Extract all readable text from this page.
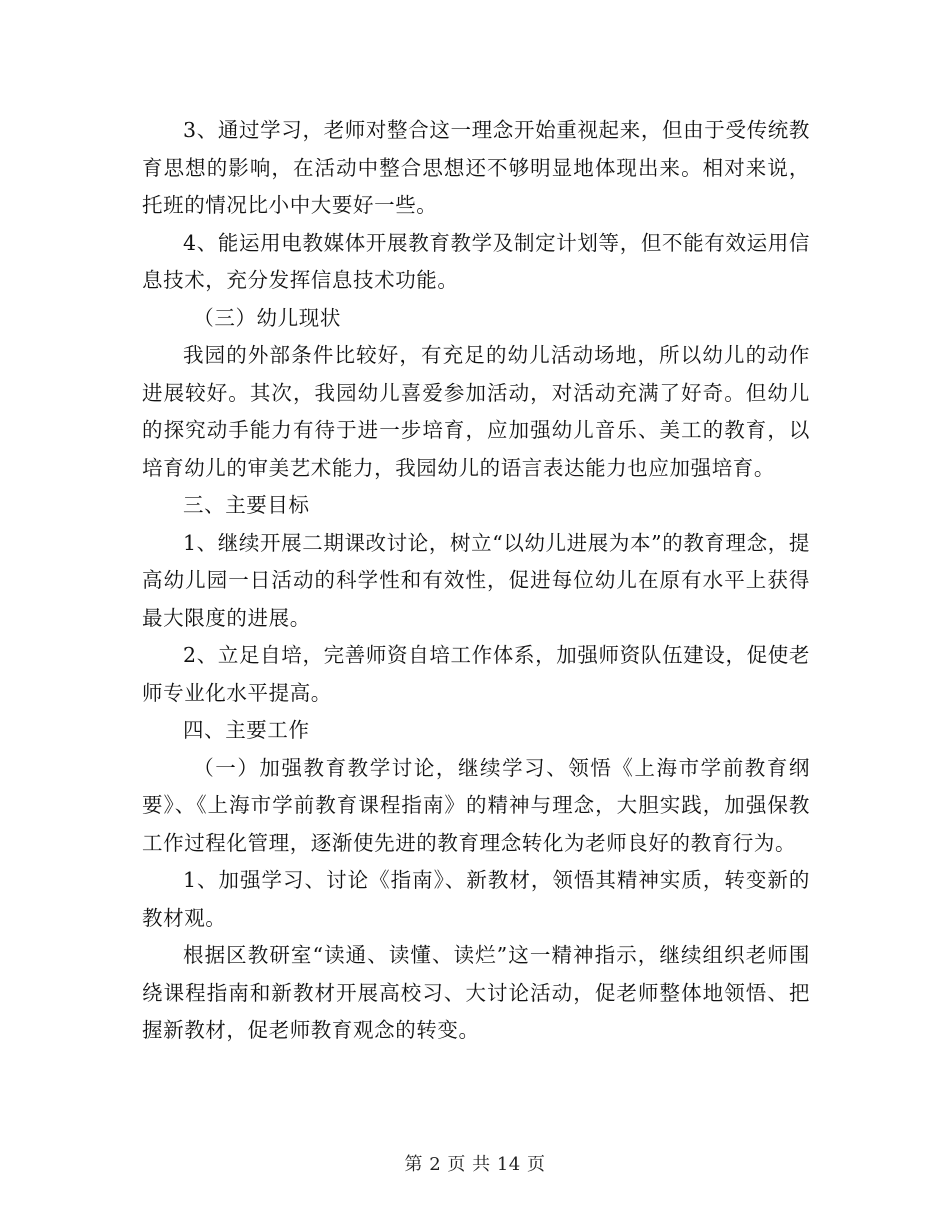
3、通过学习，老师对整合这一理念开始重视起来，但由于受传统教育思想的影响，在活动中整合思想还不够明显地体现出来。相对来说，托班的情况比小中大要好一些。

4、能运用电教媒体开展教育教学及制定计划等，但不能有效运用信息技术，充分发挥信息技术功能。

（三）幼儿现状

我园的外部条件比较好，有充足的幼儿活动场地，所以幼儿的动作进展较好。其次，我园幼儿喜爱参加活动，对活动充满了好奇。但幼儿的探究动手能力有待于进一步培育，应加强幼儿音乐、美工的教育，以培育幼儿的审美艺术能力，我园幼儿的语言表达能力也应加强培育。

三、主要目标

1、继续开展二期课改讨论，树立“以幼儿进展为本”的教育理念，提高幼儿园一日活动的科学性和有效性，促进每位幼儿在原有水平上获得最大限度的进展。

2、立足自培，完善师资自培工作体系，加强师资队伍建设，促使老师专业化水平提高。

四、主要工作

（一）加强教育教学讨论，继续学习、领悟《上海市学前教育纲要》、《上海市学前教育课程指南》的精神与理念，大胆实践，加强保教工作过程化管理，逐渐使先进的教育理念转化为老师良好的教育行为。

1、加强学习、讨论《指南》、新教材，领悟其精神实质，转变新的教材观。

根据区教研室“读通、读懂、读烂”这一精神指示，继续组织老师围绕课程指南和新教材开展高校习、大讨论活动，促老师整体地领悟、把握新教材，促老师教育观念的转变。

第 2 页 共 14 页
